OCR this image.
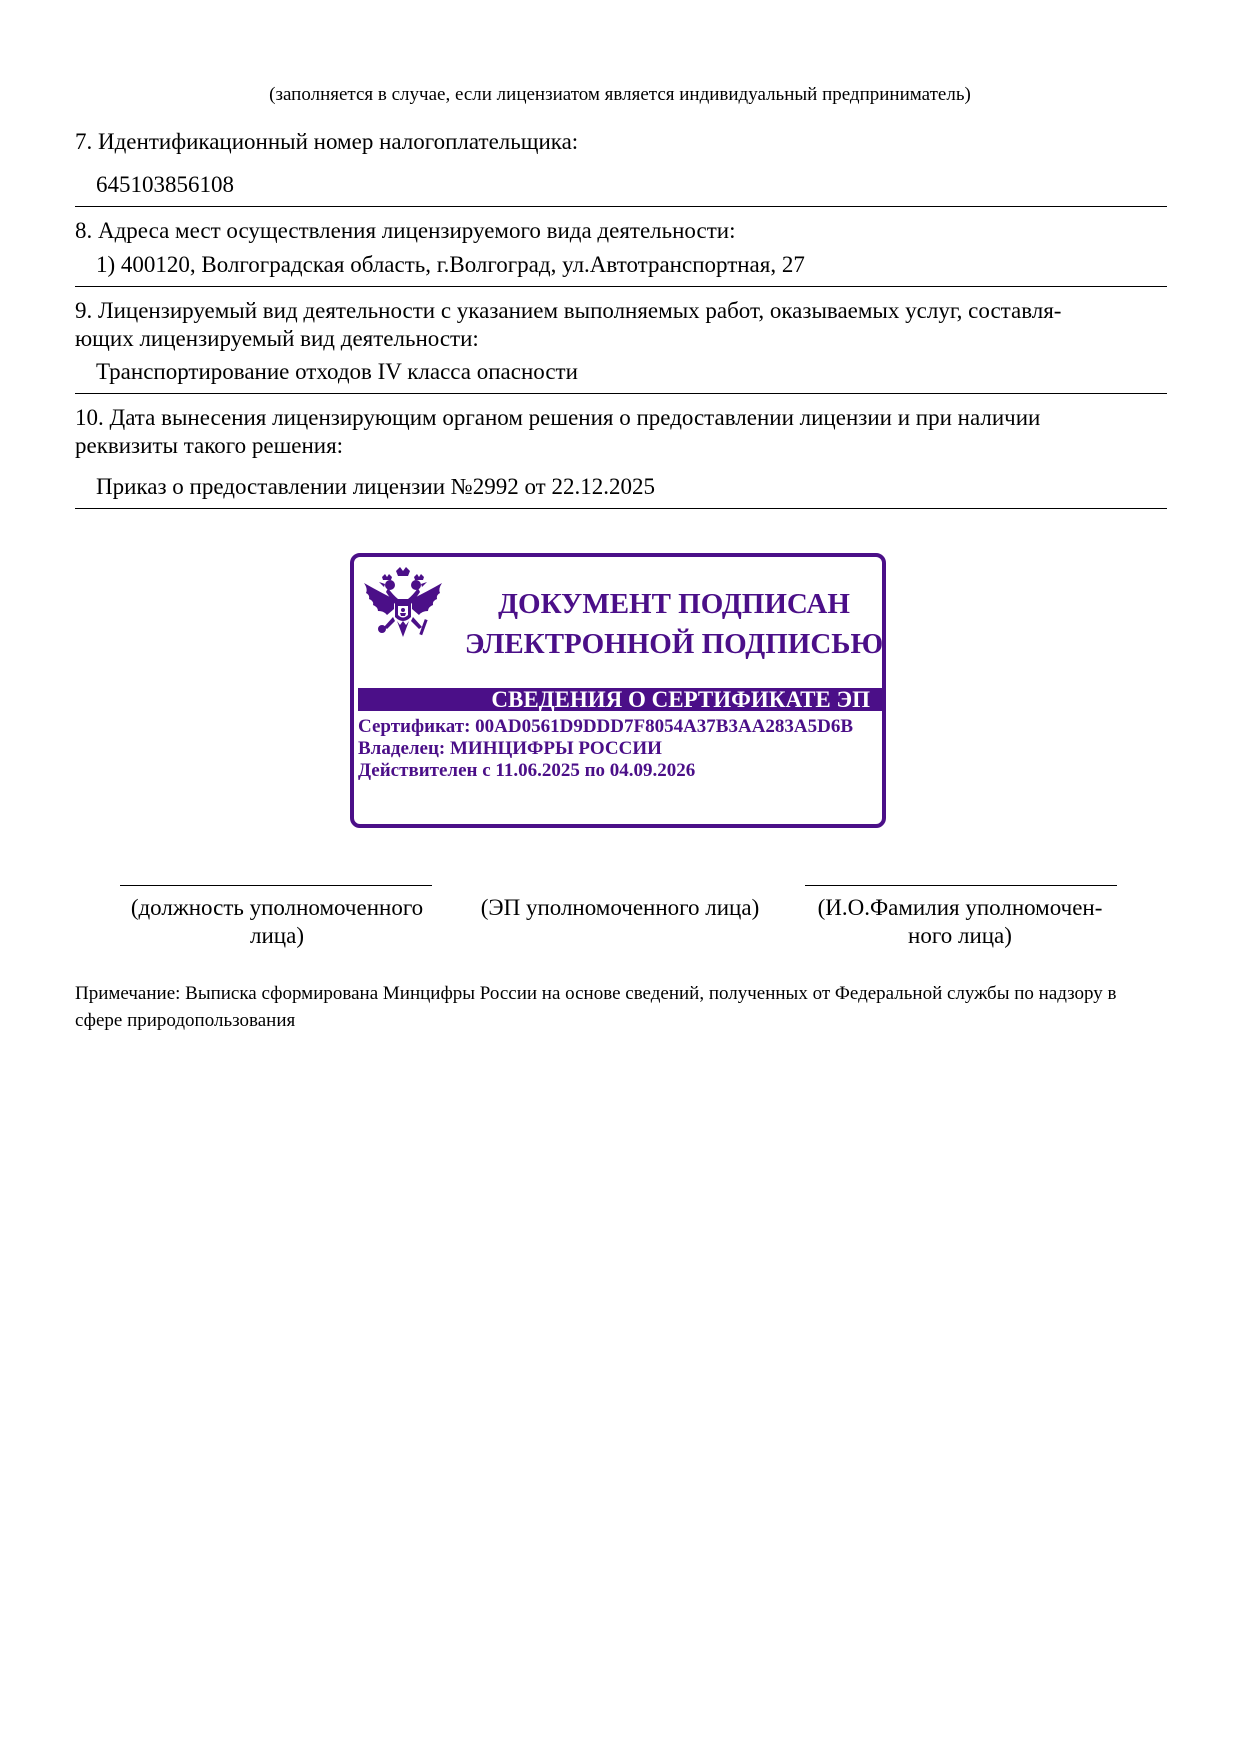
(заполняется в случае, если лицензиатом является индивидуальный предприниматель)
7. Идентификационный номер налогоплательщика:
645103856108
8. Адреса мест осуществления лицензируемого вида деятельности:
1) 400120, Волгоградская область, г.Волгоград, ул.Автотранспортная, 27
9. Лицензируемый вид деятельности с указанием выполняемых работ, оказываемых услуг, составля-
ющих лицензируемый вид деятельности:
Транспортирование отходов IV класса опасности
10. Дата вынесения лицензирующим органом решения о предоставлении лицензии и при наличии
реквизиты такого решения:
Приказ о предоставлении лицензии №2992 от 22.12.2025
ДОКУМЕНТ ПОДПИСАН
ЭЛЕКТРОННОЙ ПОДПИСЬЮ
СВЕДЕНИЯ О СЕРТИФИКАТЕ ЭП
Сертификат: 00AD0561D9DDD7F8054A37B3AA283A5D6B
Владелец: МИНЦИФРЫ РОССИИ
Действителен с 11.06.2025 по 04.09.2026
(должность уполномоченного
лица)
(ЭП уполномоченного лица)	(И.О.Фамилия уполномочен-
ного лица)
Примечание: Выписка сформирована Минцифры России на основе сведений, полученных от Федеральной службы по надзору в сфере природопользования
